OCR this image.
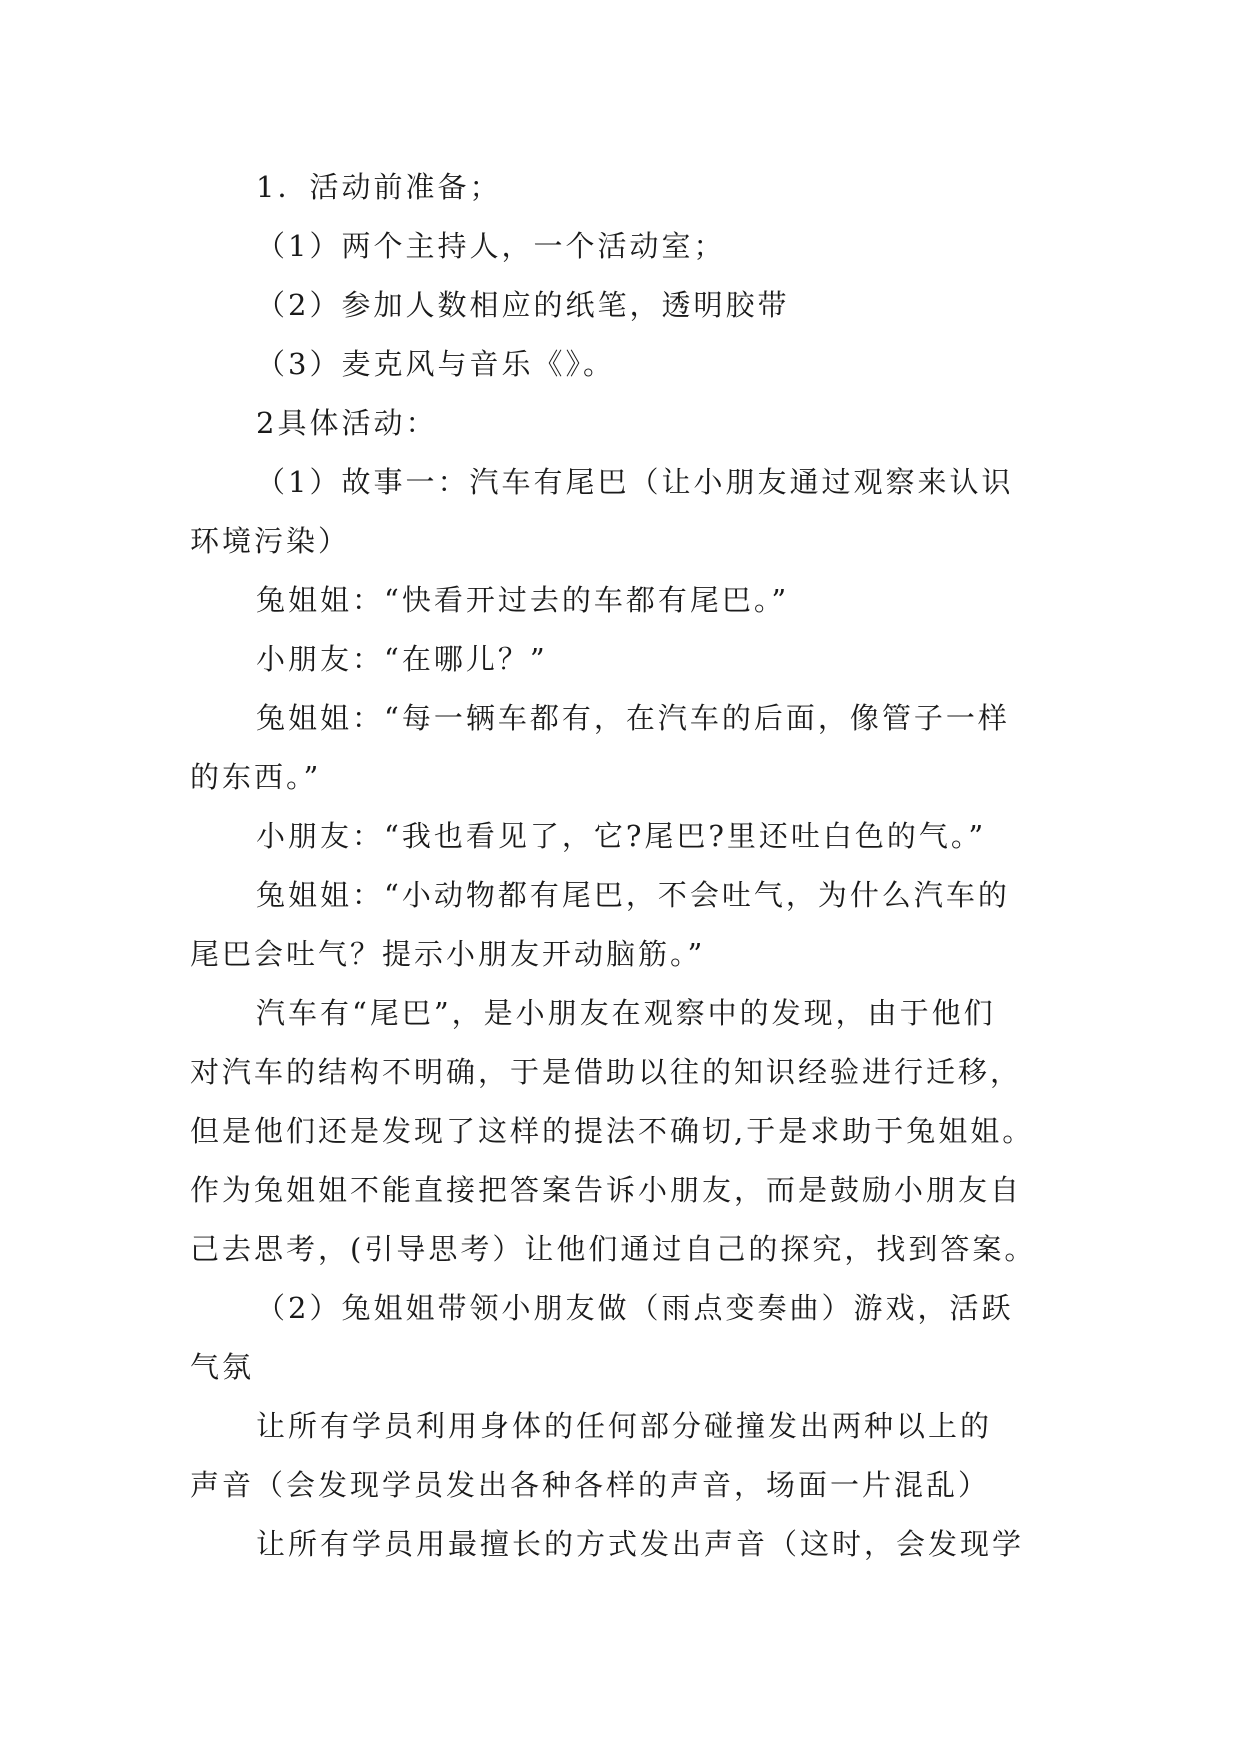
1．活动前准备；
（1）两个主持人，一个活动室；
（2）参加人数相应的纸笔，透明胶带
（3）麦克风与音乐《》。
2具体活动：
（1）故事一：汽车有尾巴（让小朋友通过观察来认识
环境污染）
兔姐姐：“快看开过去的车都有尾巴。”
小朋友：“在哪儿？”
兔姐姐：“每一辆车都有，在汽车的后面，像管子一样
的东西。”
小朋友：“我也看见了，它?尾巴?里还吐白色的气。”
兔姐姐：“小动物都有尾巴，不会吐气，为什么汽车的
尾巴会吐气？提示小朋友开动脑筋。”
汽车有“尾巴”，是小朋友在观察中的发现，由于他们
对汽车的结构不明确，于是借助以往的知识经验进行迁移，
但是他们还是发现了这样的提法不确切,于是求助于兔姐姐。
作为兔姐姐不能直接把答案告诉小朋友，而是鼓励小朋友自
己去思考，(引导思考）让他们通过自己的探究，找到答案。
（2）兔姐姐带领小朋友做（雨点变奏曲）游戏，活跃
气氛
让所有学员利用身体的任何部分碰撞发出两种以上的
声音（会发现学员发出各种各样的声音，场面一片混乱）
让所有学员用最擅长的方式发出声音（这时，会发现学
